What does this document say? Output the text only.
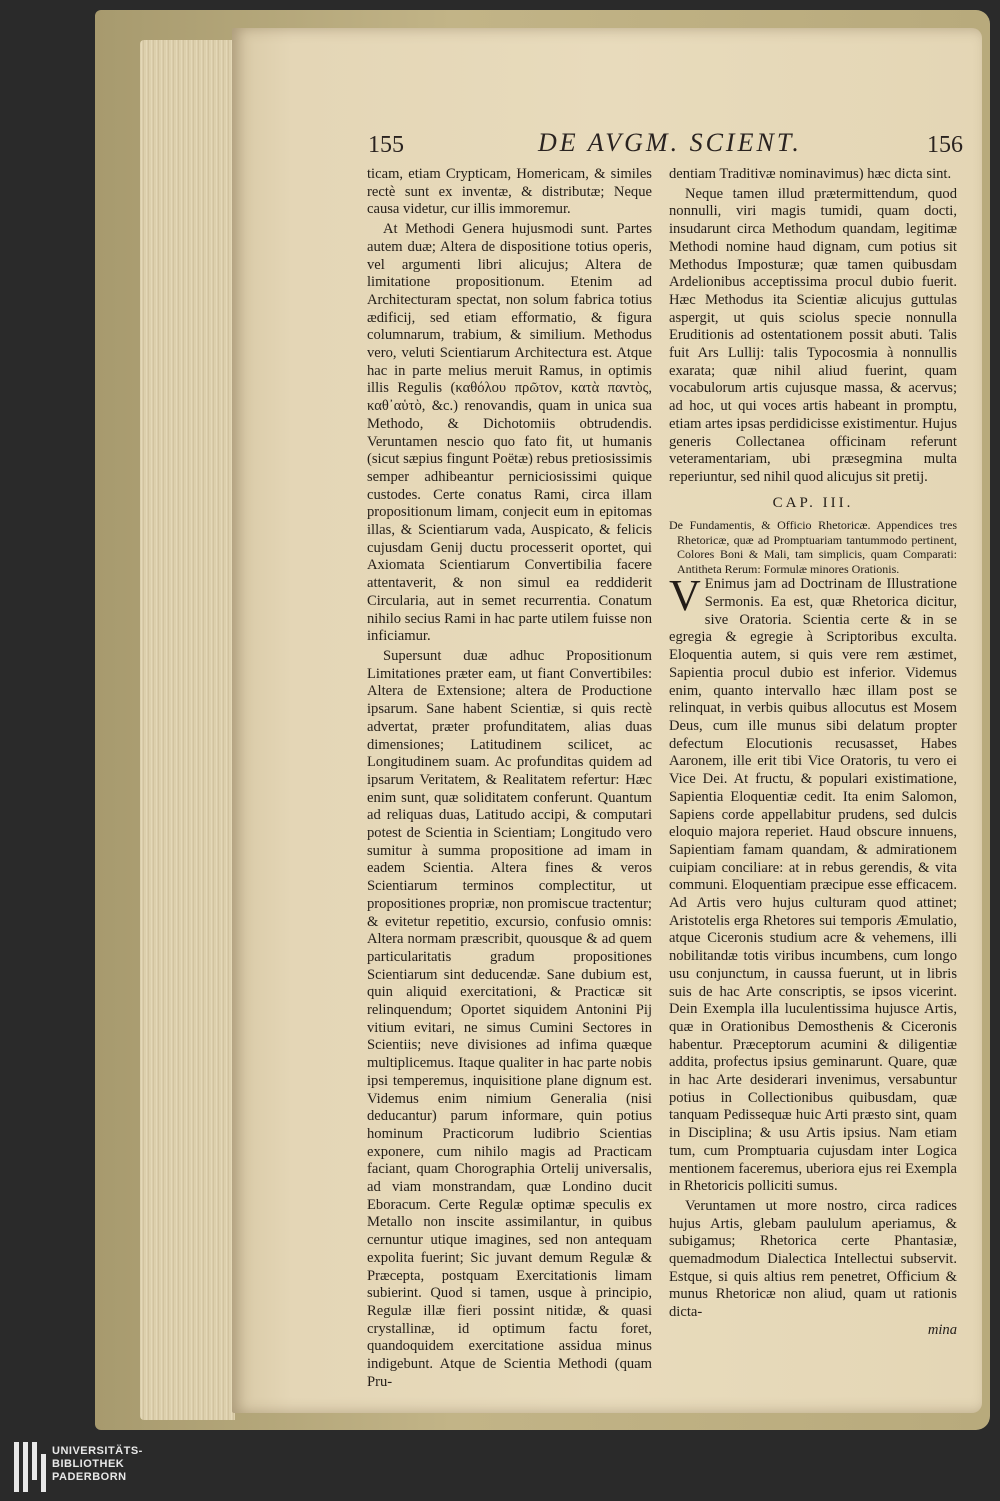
155	DE AVGM. SCIENT.	156

ticam, etiam Crypticam, Homericam, & similes rectè sunt ex inventæ, & distributæ; Neque causa videtur, cur illis immoremur.

At Methodi Genera hujusmodi sunt. Partes autem duæ; Altera de dispositione totius operis, vel argumenti libri alicujus; Altera de limitatione propositionum. Etenim ad Architecturam spectat, non solum fabrica totius ædificij, sed etiam efformatio, & figura columnarum, trabium, & similium. Methodus vero, veluti Scientiarum Architectura est. Atque hac in parte melius meruit Ramus, in optimis illis Regulis (καθόλου πρῶτον, κατὰ παντὸς, καθ᾽αὑτὸ, &c.) renovandis, quam in unica sua Methodo, & Dichotomiis obtrudendis. Veruntamen nescio quo fato fit, ut humanis (sicut sæpius fingunt Poëtæ) rebus pretiosissimis semper adhibeantur perniciosissimi quique custodes. Certe conatus Rami, circa illam propositionum limam, conjecit eum in epitomas illas, & Scientiarum vada, Auspicato, & felicis cujusdam Genij ductu processerit oportet, qui Axiomata Scientiarum Convertibilia facere attentaverit, & non simul ea reddiderit Circularia, aut in semet recurrentia. Conatum nihilo secius Rami in hac parte utilem fuisse non inficiamur.

Supersunt duæ adhuc Propositionum Limitationes præter eam, ut fiant Convertibiles: Altera de Extensione; altera de Productione ipsarum. Sane habent Scientiæ, si quis rectè advertat, præter profunditatem, alias duas dimensiones; Latitudinem scilicet, ac Longitudinem suam. Ac profunditas quidem ad ipsarum Veritatem, & Realitatem refertur: Hæc enim sunt, quæ soliditatem conferunt. Quantum ad reliquas duas, Latitudo accipi, & computari potest de Scientia in Scientiam; Longitudo vero sumitur à summa propositione ad imam in eadem Scientia. Altera fines & veros Scientiarum terminos complectitur, ut propositiones propriæ, non promiscue tractentur; & evitetur repetitio, excursio, confusio omnis: Altera normam præscribit, quousque & ad quem particularitatis gradum propositiones Scientiarum sint deducendæ. Sane dubium est, quin aliquid exercitationi, & Practicæ sit relinquendum; Oportet siquidem Antonini Pij vitium evitari, ne simus Cumini Sectores in Scientiis; neve divisiones ad infima quæque multiplicemus. Itaque qualiter in hac parte nobis ipsi temperemus, inquisitione plane dignum est. Videmus enim nimium Generalia (nisi deducantur) parum informare, quin potius hominum Practicorum ludibrio Scientias exponere, cum nihilo magis ad Practicam faciant, quam Chorographia Ortelij universalis, ad viam monstrandam, quæ Londino ducit Eboracum. Certe Regulæ optimæ speculis ex Metallo non inscite assimilantur, in quibus cernuntur utique imagines, sed non antequam expolita fuerint; Sic juvant demum Regulæ & Præcepta, postquam Exercitationis limam subierint. Quod si tamen, usque à principio, Regulæ illæ fieri possint nitidæ, & quasi crystallinæ, id optimum factu foret, quandoquidem exercitatione assidua minus indigebunt. Atque de Scientia Methodi (quam Pru-

dentiam Traditivæ nominavimus) hæc dicta sint.

Neque tamen illud prætermittendum, quod nonnulli, viri magis tumidi, quam docti, insudarunt circa Methodum quandam, legitimæ Methodi nomine haud dignam, cum potius sit Methodus Imposturæ; quæ tamen quibusdam Ardelionibus acceptissima procul dubio fuerit. Hæc Methodus ita Scientiæ alicujus guttulas aspergit, ut quis sciolus specie nonnulla Eruditionis ad ostentationem possit abuti. Talis fuit Ars Lullij: talis Typocosmia à nonnullis exarata; quæ nihil aliud fuerint, quam vocabulorum artis cujusque massa, & acervus; ad hoc, ut qui voces artis habeant in promptu, etiam artes ipsas perdidicisse existimentur. Hujus generis Collectanea officinam referunt veteramentariam, ubi præsegmina multa reperiuntur, sed nihil quod alicujus sit pretij.

CAP. III.

De Fundamentis, & Officio Rhetoricæ. Appendices tres Rhetoricæ, quæ ad Promptuariam tantummodo pertinent, Colores Boni & Mali, tam simplicis, quam Comparati: Antitheta Rerum: Formulæ minores Orationis.

V Enimus jam ad Doctrinam de Illustratione Sermonis. Ea est, quæ Rhetorica dicitur, sive Oratoria. Scientia certe & in se egregia & egregie à Scriptoribus exculta. Eloquentia autem, si quis vere rem æstimet, Sapientia procul dubio est inferior. Videmus enim, quanto intervallo hæc illam post se relinquat, in verbis quibus allocutus est Mosem Deus, cum ille munus sibi delatum propter defectum Elocutionis recusasset, Habes Aaronem, ille erit tibi Vice Oratoris, tu vero ei Vice Dei. At fructu, & populari existimatione, Sapientia Eloquentiæ cedit. Ita enim Salomon, Sapiens corde appellabitur prudens, sed dulcis eloquio majora reperiet. Haud obscure innuens, Sapientiam famam quandam, & admirationem cuipiam conciliare: at in rebus gerendis, & vita communi. Eloquentiam præcipue esse efficacem. Ad Artis vero hujus culturam quod attinet; Aristotelis erga Rhetores sui temporis Æmulatio, atque Ciceronis studium acre & vehemens, illi nobilitandæ totis viribus incumbens, cum longo usu conjunctum, in caussa fuerunt, ut in libris suis de hac Arte conscriptis, se ipsos vicerint. Dein Exempla illa luculentissima hujusce Artis, quæ in Orationibus Demosthenis & Ciceronis habentur. Præceptorum acumini & diligentiæ addita, profectus ipsius geminarunt. Quare, quæ in hac Arte desiderari invenimus, versabuntur potius in Collectionibus quibusdam, quæ tanquam Pedissequæ huic Arti præsto sint, quam in Disciplina; & usu Artis ipsius. Nam etiam tum, cum Promptuaria cujusdam inter Logica mentionem faceremus, uberiora ejus rei Exempla in Rhetoricis polliciti sumus.

Veruntamen ut more nostro, circa radices hujus Artis, glebam paululum aperiamus, & subigamus; Rhetorica certe Phantasiæ, quemadmodum Dialectica Intellectui subservit. Estque, si quis altius rem penetret, Officium & munus Rhetoricæ non aliud, quam ut rationis dicta-

mina
UNIVERSITÄTS-
BIBLIOTHEK
PADERBORN
